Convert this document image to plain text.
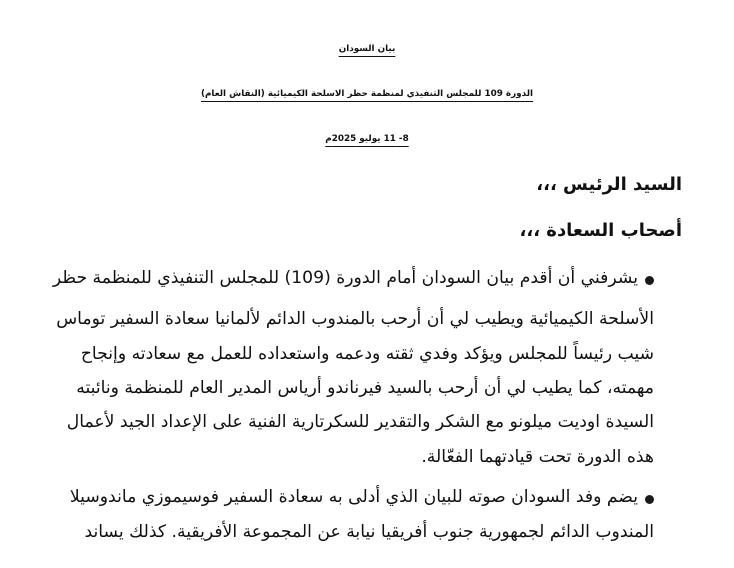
بيان السودان
الدورة 109 للمجلس التنفيذي لمنظمة حظر الاسلحة الكيميائية (النقاش العام)
8- 11 يوليو 2025م
السيد الرئيس ،،،
أصحاب السعادة ،،،
يشرفني أن أقدم بيان السودان أمام الدورة (109) للمجلس التنفيذي للمنظمة حظر
الأسلحة الكيميائية ويطيب لي أن أرحب بالمندوب الدائم لألمانيا سعادة السفير توماس
شيب رئيساً للمجلس ويؤكد وفدي ثقته ودعمه واستعداده للعمل مع سعادته وإنجاح
مهمته، كما يطيب لي أن أرحب بالسيد فيرناندو أرياس المدير العام للمنظمة ونائبته
السيدة اوديت ميلونو مع الشكر والتقدير للسكرتارية الفنية على الإعداد الجيد لأعمال
هذه الدورة تحت قيادتهما الفعّالة.
يضم وفد السودان صوته للبيان الذي أدلى به سعادة السفير فوسيموزي ماندوسيلا
المندوب الدائم لجمهورية جنوب أفريقيا نيابة عن المجموعة الأفريقية. كذلك يساند
